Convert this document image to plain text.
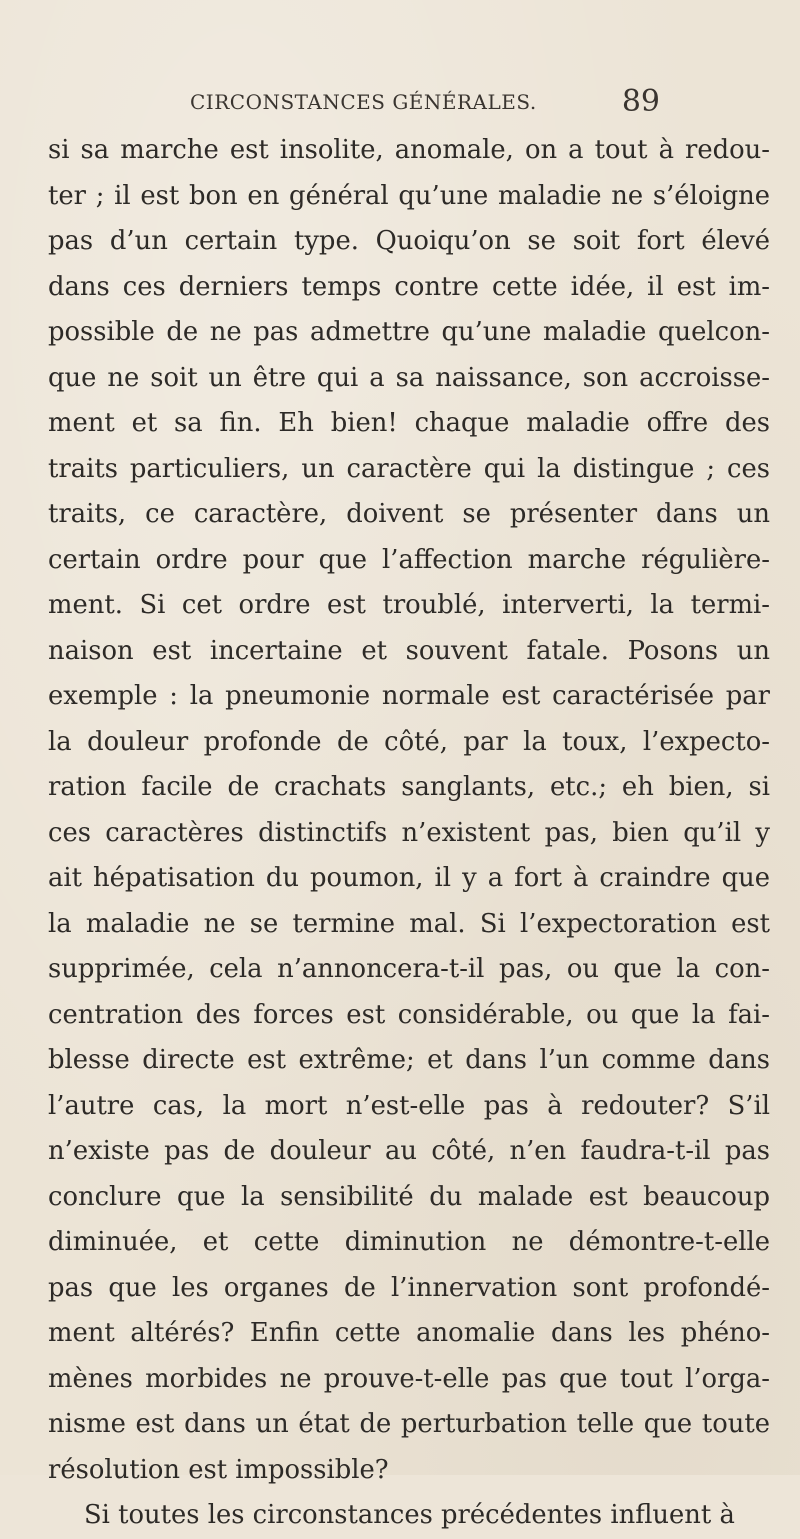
CIRCONSTANCES GÉNÉRALES.	89
si sa marche est insolite, anomale, on a tout à redou-
ter ; il est bon en général qu’une maladie ne s’éloigne
pas d’un certain type. Quoiqu’on se soit fort élevé
dans ces derniers temps contre cette idée, il est im-
possible de ne pas admettre qu’une maladie quelcon-
que ne soit un être qui a sa naissance, son accroisse-
ment et sa fin. Eh bien! chaque maladie offre des
traits particuliers, un caractère qui la distingue ; ces
traits, ce caractère, doivent se présenter dans un
certain ordre pour que l’affection marche régulière-
ment. Si cet ordre est troublé, interverti, la termi-
naison est incertaine et souvent fatale. Posons un
exemple : la pneumonie normale est caractérisée par
la douleur profonde de côté, par la toux, l’expecto-
ration facile de crachats sanglants, etc.; eh bien, si
ces caractères distinctifs n’existent pas, bien qu’il y
ait hépatisation du poumon, il y a fort à craindre que
la maladie ne se termine mal. Si l’expectoration est
supprimée, cela n’annoncera-t-il pas, ou que la con-
centration des forces est considérable, ou que la fai-
blesse directe est extrême; et dans l’un comme dans
l’autre cas, la mort n’est-elle pas à redouter? S’il
n’existe pas de douleur au côté, n’en faudra-t-il pas
conclure que la sensibilité du malade est beaucoup
diminuée, et cette diminution ne démontre-t-elle
pas que les organes de l’innervation sont profondé-
ment altérés? Enfin cette anomalie dans les phéno-
mènes morbides ne prouve-t-elle pas que tout l’orga-
nisme est dans un état de perturbation telle que toute
résolution est impossible?
Si toutes les circonstances précédentes influent à
